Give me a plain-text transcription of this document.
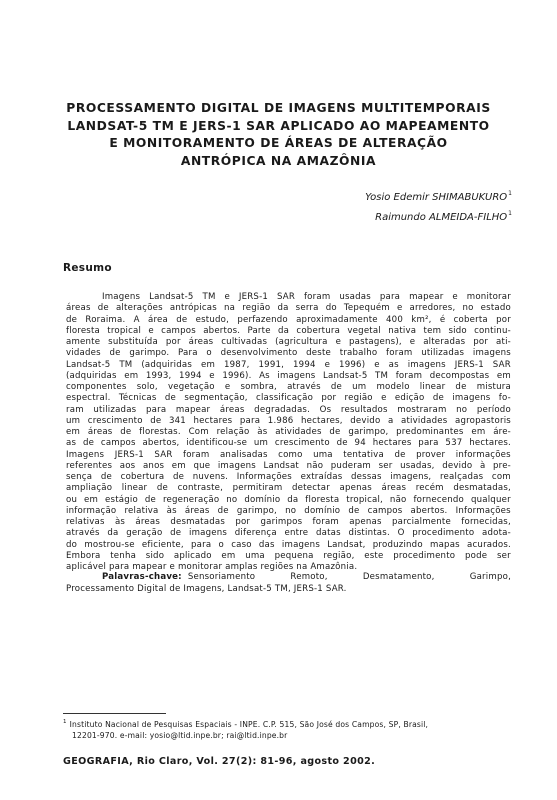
PROCESSAMENTO DIGITAL DE IMAGENS MULTITEMPORAIS
LANDSAT-5 TM E JERS-1 SAR APLICADO AO MAPEAMENTO
E MONITORAMENTO DE ÁREAS DE ALTERAÇÃO
ANTRÓPICA NA AMAZÔNIA
Yosio Edemir SHIMABUKURO$^1$
Raimundo ALMEIDA-FILHO$^1$
Resumo
Imagens Landsat-5 TM e JERS-1 SAR foram usadas para mapear e monitorar
áreas de alterações antrópicas na região da serra do Tepequém e arredores, no estado
de Roraima. A área de estudo, perfazendo aproximadamente 400 km², é coberta por
floresta tropical e campos abertos. Parte da cobertura vegetal nativa tem sido continu-
amente substituída por áreas cultivadas (agricultura e pastagens), e alteradas por ati-
vidades de garimpo. Para o desenvolvimento deste trabalho foram utilizadas imagens
Landsat-5 TM (adquiridas em 1987, 1991, 1994 e 1996) e as imagens JERS-1 SAR
(adquiridas em 1993, 1994 e 1996). As imagens Landsat-5 TM foram decompostas em
componentes solo, vegetação e sombra, através de um modelo linear de mistura
espectral. Técnicas de segmentação, classificação por região e edição de imagens fo-
ram utilizadas para mapear áreas degradadas. Os resultados mostraram no período
um crescimento de 341 hectares para 1.986 hectares, devido a atividades agropastoris
em áreas de florestas. Com relação às atividades de garimpo, predominantes em áre-
as de campos abertos, identificou-se um crescimento de 94 hectares para 537 hectares.
Imagens JERS-1 SAR foram analisadas como uma tentativa de prover informações
referentes aos anos em que imagens Landsat não puderam ser usadas, devido à pre-
sença de cobertura de nuvens. Informações extraídas dessas imagens, realçadas com
ampliação linear de contraste, permitiram detectar apenas áreas recém desmatadas,
ou em estágio de regeneração no domínio da floresta tropical, não fornecendo qualquer
informação relativa às áreas de garimpo, no domínio de campos abertos. Informações
relativas às áreas desmatadas por garimpos foram apenas parcialmente fornecidas,
através da geração de imagens diferença entre datas distintas. O procedimento adota-
do mostrou-se eficiente, para o caso das imagens Landsat, produzindo mapas acurados.
Embora tenha sido aplicado em uma pequena região, este procedimento pode ser
aplicável para mapear e monitorar amplas regiões na Amazônia.
Palavras-chave: Sensoriamento	Remoto,	Desmatamento,	Garimpo,
Processamento Digital de Imagens, Landsat-5 TM, JERS-1 SAR.
$^1$ Instituto Nacional de Pesquisas Espaciais - INPE. C.P. 515, São José dos Campos, SP, Brasil,
12201-970. e-mail: yosio@ltid.inpe.br; rai@ltid.inpe.br
GEOGRAFIA, Rio Claro, Vol. 27(2): 81-96, agosto 2002.
